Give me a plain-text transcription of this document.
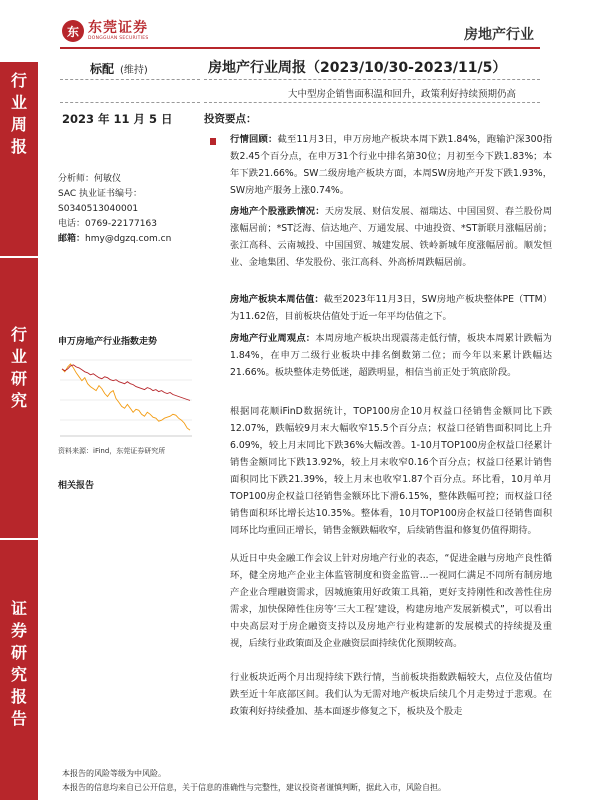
东 东莞证券
DONGGUAN SECURITIES	房地产行业
行
业
周
报
行
业
研
究
证
券
研
究
报
告
标配 (维持)	房地产行业周报（2023/10/30-2023/11/5）
大中型房企销售面积温和回升，政策利好持续预期仍高
2023 年 11 月 5 日	投资要点：
分析师：何敏仪
SAC 执业证书编号：
S0340513040001
电话：0769-22177163
邮箱：hmy@dgzq.com.cn
申万房地产行业指数走势
资料来源：iFind，东莞证券研究所
相关报告
行情回顾：截至11月3日，申万房地产板块本周下跌1.84%，跑输沪深300指数2.45个百分点，在申万31个行业中排名第30位；月初至今下跌1.83%；本年下跌21.66%。SW二级房地产板块方面，本周SW房地产开发下跌1.93%，SW房地产服务上涨0.74%。
房地产个股涨跌情况：天房发展、财信发展、福瑞达、中国国贸、春兰股份周涨幅居前；*ST泛海、信达地产、万通发展、中迪投资、*ST新联月涨幅居前；张江高科、云南城投、中国国贸、城建发展、铁岭新城年度涨幅居前。顺发恒业、金地集团、华发股份、张江高科、外高桥周跌幅居前。
房地产板块本周估值：截至2023年11月3日，SW房地产板块整体PE（TTM）为11.62倍，目前板块估值处于近一年平均估值之下。
房地产行业周观点：本周房地产板块出现震荡走低行情，板块本周累计跌幅为1.84%，在申万二级行业板块中排名倒数第二位；而今年以来累计跌幅达21.66%。板块整体走势低迷，超跌明显，相信当前正处于筑底阶段。
根据同花顺iFinD数据统计，TOP100房企10月权益口径销售金额同比下跌12.07%，跌幅较9月末大幅收窄15.5个百分点；权益口径销售面积同比上升6.09%，较上月末同比下跌36%大幅改善。1-10月TOP100房企权益口径累计销售金额同比下跌13.92%，较上月末收窄0.16个百分点；权益口径累计销售面积同比下跌21.39%，较上月末也收窄1.87个百分点。环比看，10月单月TOP100房企权益口径销售金额环比下滑6.15%，整体跌幅可控；而权益口径销售面积环比增长达10.35%。整体看，10月TOP100房企权益口径销售面积同环比均重回正增长，销售金额跌幅收窄，后续销售温和修复仍值得期待。
从近日中央金融工作会议上针对房地产行业的表态，“促进金融与房地产良性循环，健全房地产企业主体监管制度和资金监管...一视同仁满足不同所有制房地产企业合理融资需求，因城施策用好政策工具箱，更好支持刚性和改善性住房需求，加快保障性住房等‘三大工程’建设，构建房地产发展新模式”，可以看出中央高层对于房企融资支持以及房地产行业构建新的发展模式的持续提及重视，后续行业政策面及企业融资层面持续优化预期较高。
行业板块近两个月出现持续下跌行情，当前板块指数跌幅较大，点位及估值均跌至近十年底部区间。我们认为无需对地产板块后续几个月走势过于悲观。在政策利好持续叠加、基本面逐步修复之下，板块及个股走
本报告的风险等级为中风险。
本报告的信息均来自已公开信息，关于信息的准确性与完整性，建议投资者谨慎判断，据此入市，风险自担。
